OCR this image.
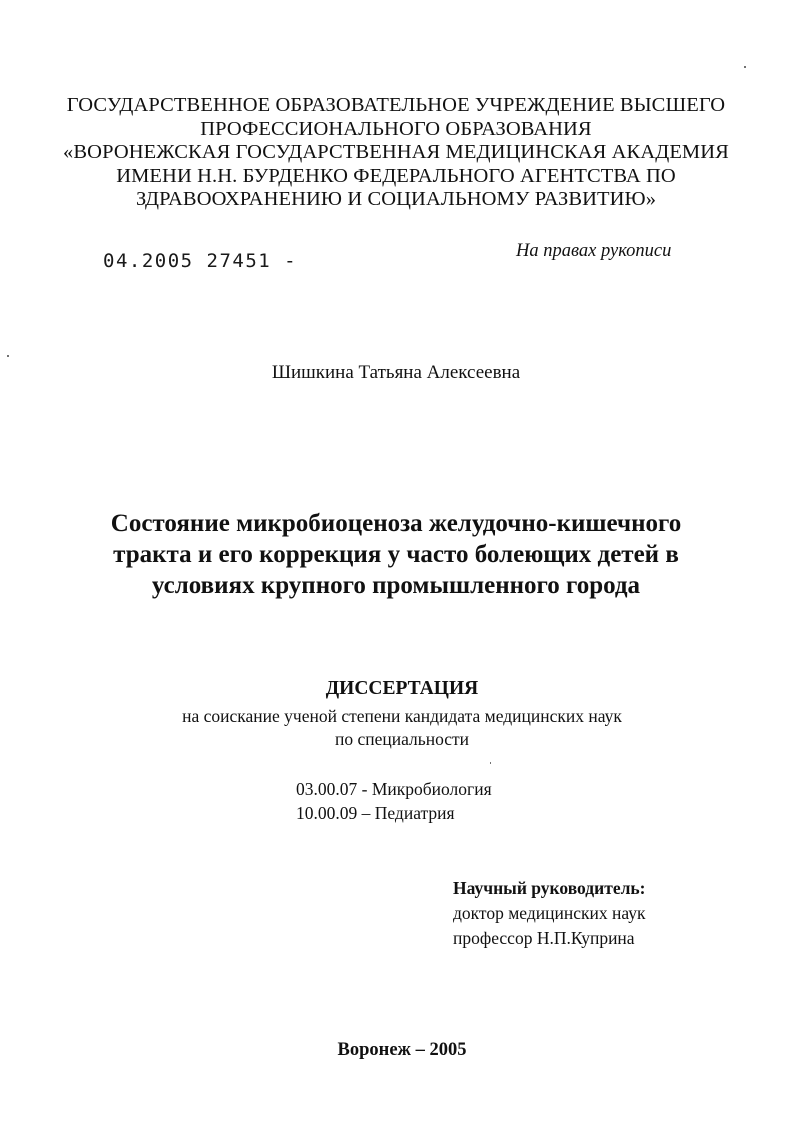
ГОСУДАРСТВЕННОЕ ОБРАЗОВАТЕЛЬНОЕ УЧРЕЖДЕНИЕ ВЫСШЕГО
ПРОФЕССИОНАЛЬНОГО ОБРАЗОВАНИЯ
«ВОРОНЕЖСКАЯ ГОСУДАРСТВЕННАЯ МЕДИЦИНСКАЯ АКАДЕМИЯ
ИМЕНИ Н.Н. БУРДЕНКО ФЕДЕРАЛЬНОГО АГЕНТСТВА ПО
ЗДРАВООХРАНЕНИЮ И СОЦИАЛЬНОМУ РАЗВИТИЮ»
04.2005 27451 -	На правах рукописи
Шишкина Татьяна Алексеевна
Состояние микробиоценоза желудочно-кишечного
тракта и его коррекция у часто болеющих детей в
условиях крупного промышленного города
ДИССЕРТАЦИЯ
на соискание ученой степени кандидата медицинских наук
по специальности
03.00.07 - Микробиология
10.00.09 – Педиатрия
Научный руководитель:
доктор медицинских наук
профессор Н.П.Куприна
Воронеж – 2005
